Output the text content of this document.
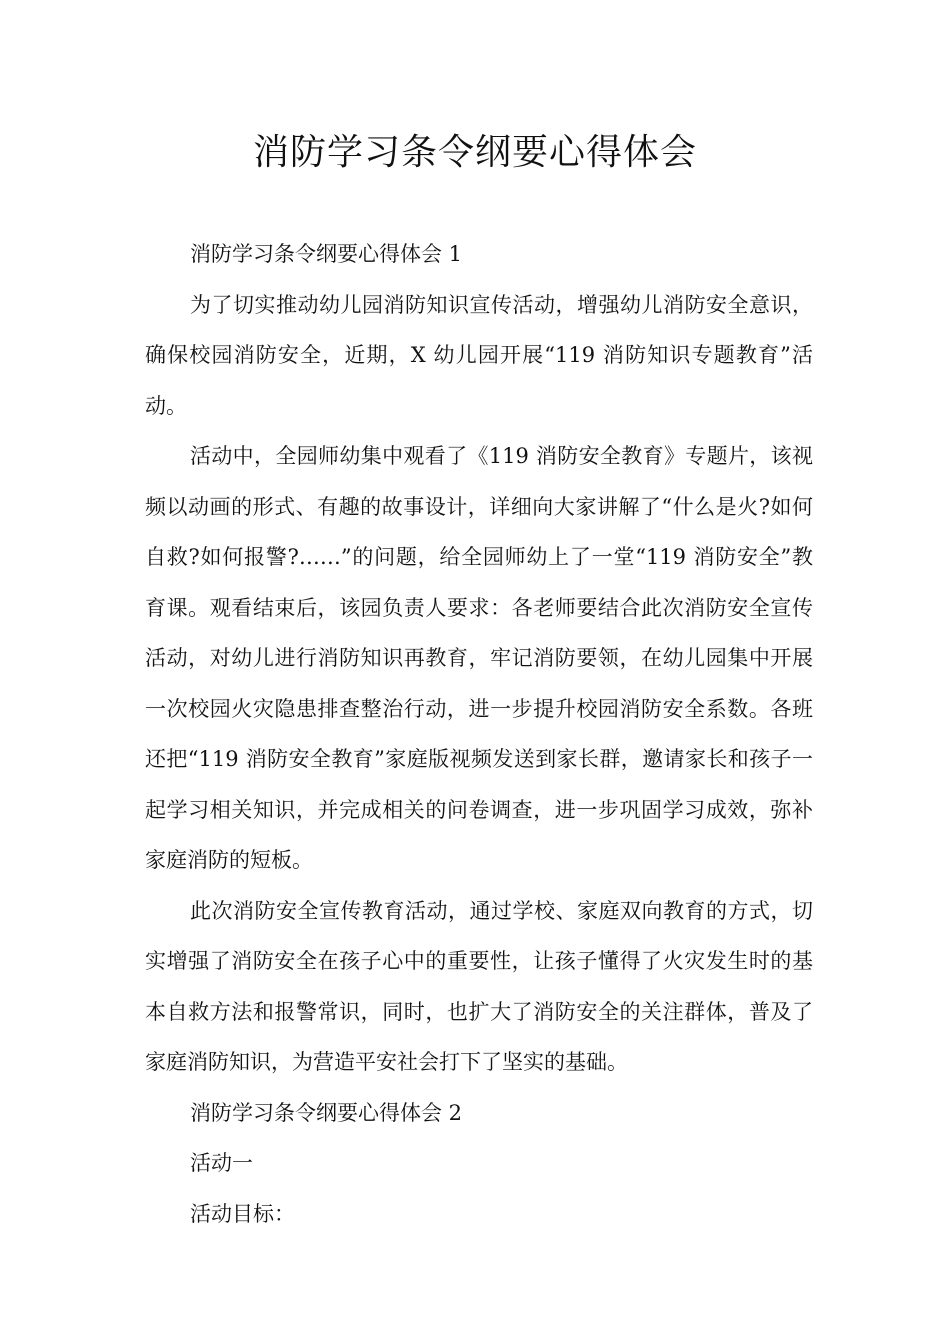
消防学习条令纲要心得体会

消防学习条令纲要心得体会 1

为了切实推动幼儿园消防知识宣传活动，增强幼儿消防安全意识，确保校园消防安全，近期，X 幼儿园开展“119 消防知识专题教育”活动。

活动中，全园师幼集中观看了《119 消防安全教育》专题片，该视频以动画的形式、有趣的故事设计，详细向大家讲解了“什么是火?如何自救?如何报警?……”的问题，给全园师幼上了一堂“119 消防安全”教育课。观看结束后，该园负责人要求：各老师要结合此次消防安全宣传活动，对幼儿进行消防知识再教育，牢记消防要领，在幼儿园集中开展一次校园火灾隐患排查整治行动，进一步提升校园消防安全系数。各班还把“119 消防安全教育”家庭版视频发送到家长群，邀请家长和孩子一起学习相关知识，并完成相关的问卷调查，进一步巩固学习成效，弥补家庭消防的短板。

此次消防安全宣传教育活动，通过学校、家庭双向教育的方式，切实增强了消防安全在孩子心中的重要性，让孩子懂得了火灾发生时的基本自救方法和报警常识，同时，也扩大了消防安全的关注群体，普及了家庭消防知识，为营造平安社会打下了坚实的基础。

消防学习条令纲要心得体会 2

活动一

活动目标：
